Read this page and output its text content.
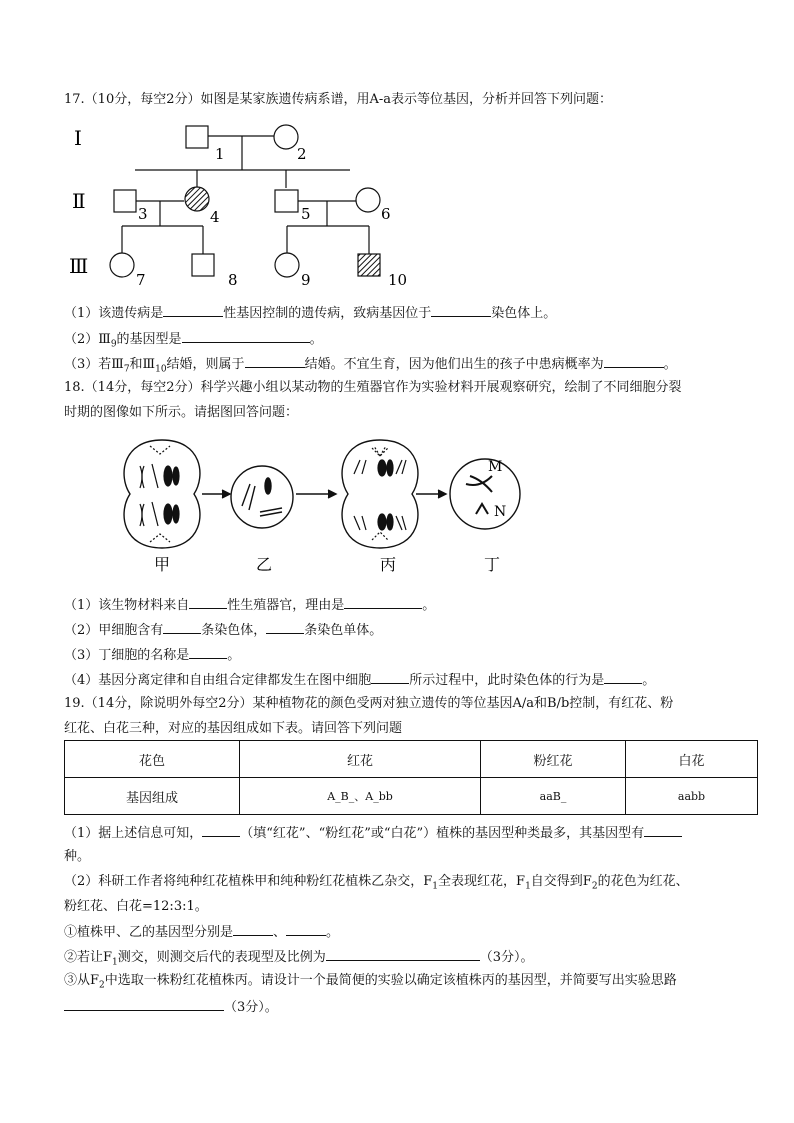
17.（10分，每空2分）如图是某家族遗传病系谱，用A-a表示等位基因，分析并回答下列问题：
Ⅰ
Ⅱ
Ⅲ
1	2
3	4	5	6
7	8	9	10
（1）该遗传病是	性基因控制的遗传病，致病基因位于	染色体上。
$(2)Ⅲ_9$的基因型是	。
（3）若$Ⅲ_7$和$Ⅲ_{10}$结婚，则属于	结婚。不宜生育，因为他们出生的孩子中患病概率为	。
18.（14分，每空2分）科学兴趣小组以某动物的生殖器官作为实验材料开展观察研究，绘制了不同细胞分裂
时期的图像如下所示。请据图回答问题：
M
N
甲	乙	丙	丁
（1）该生物材料来自	性生殖器官，理由是	。
（2）甲细胞含有	条染色体，	条染色单体。
（3）丁细胞的名称是	。
（4）基因分离定律和自由组合定律都发生在图中细胞	所示过程中，此时染色体的行为是	。
19.（14分，除说明外每空2分）某种植物花的颜色受两对独立遗传的等位基因A/a和B/b控制，有红花、粉
红花、白花三种，对应的基因组成如下表。请回答下列问题
花色	红花	粉红花	白花
基因组成	A_B_、A_bb	aaB_	aabb
（1）据上述信息可知，	（填“红花”、“粉红花”或“白花”）植株的基因型种类最多，其基因型有
种。
（2）科研工作者将纯种红花植株甲和纯种粉红花植株乙杂交，$F_1$全表现红花，$F_1$自交得到$F_2$的花色为红花、
粉红花、白花=12:3:1。
①植株甲、乙的基因型分别是	、	。
②若让$F_1$测交，则测交后代的表现型及比例为	（3分）。
③从$F_2$中选取一株粉红花植株丙。请设计一个最简便的实验以确定该植株丙的基因型，并简要写出实验思路
（3分）。
